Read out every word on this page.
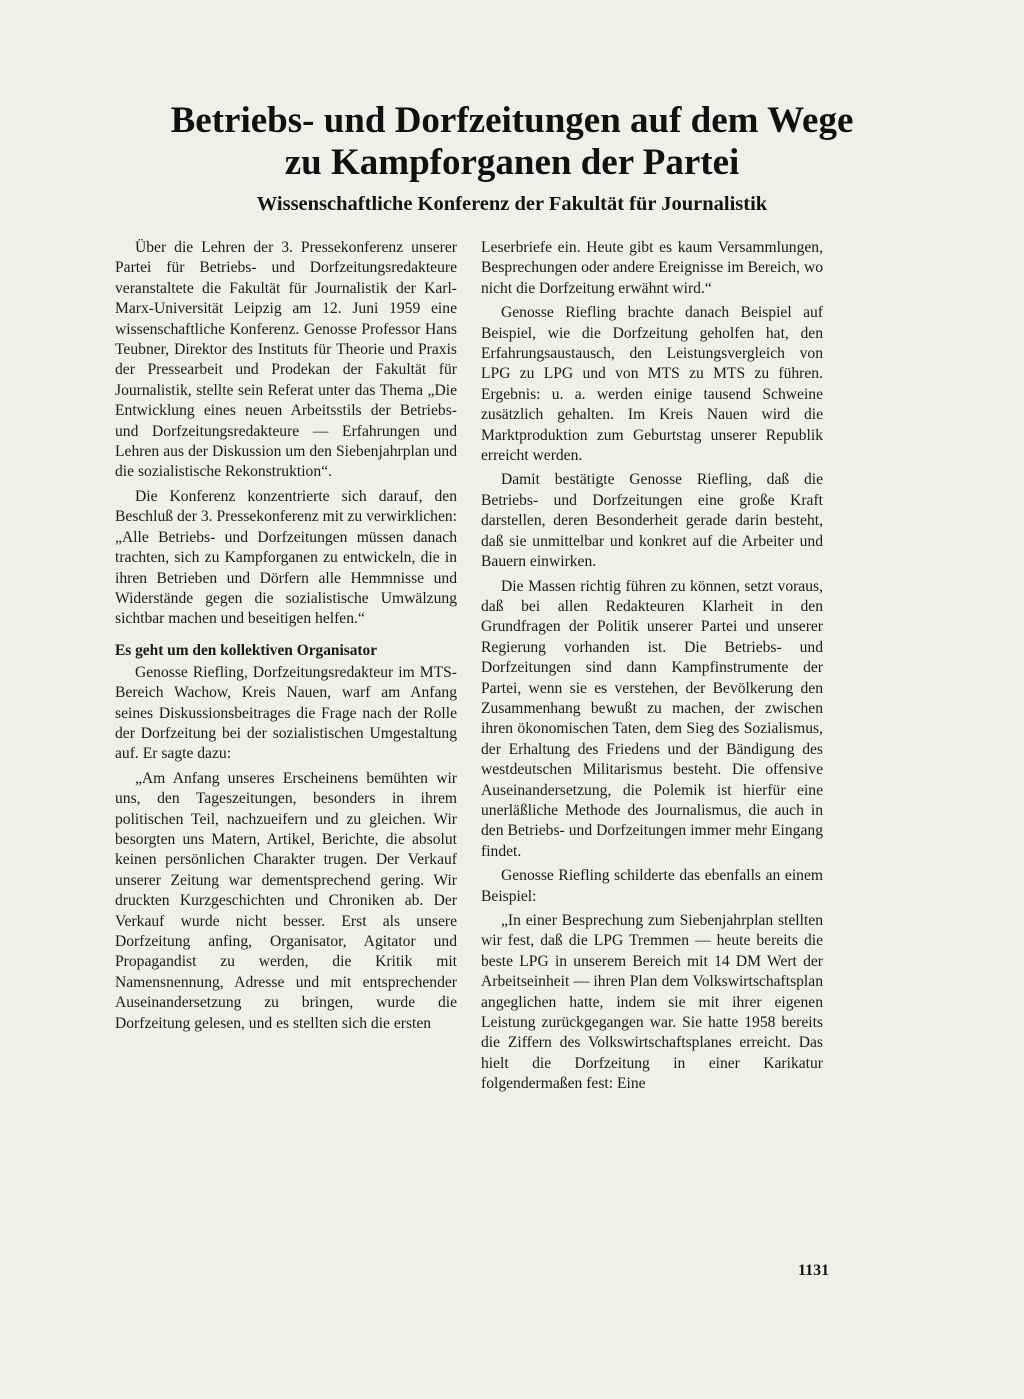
Betriebs- und Dorfzeitungen auf dem Wege
zu Kampforganen der Partei
Wissenschaftliche Konferenz der Fakultät für Journalistik

Über die Lehren der 3. Pressekonferenz unserer Partei für Betriebs- und Dorfzeitungsredakteure veranstaltete die Fakultät für Journalistik der Karl-Marx-Universität Leipzig am 12. Juni 1959 eine wissenschaftliche Konferenz. Genosse Professor Hans Teubner, Direktor des Instituts für Theorie und Praxis der Pressearbeit und Prodekan der Fakultät für Journalistik, stellte sein Referat unter das Thema „Die Entwicklung eines neuen Arbeitsstils der Betriebs- und Dorfzeitungsredakteure — Erfahrungen und Lehren aus der Diskussion um den Siebenjahrplan und die sozialistische Rekonstruktion“.

Die Konferenz konzentrierte sich darauf, den Beschluß der 3. Pressekonferenz mit zu verwirklichen: „Alle Betriebs- und Dorfzeitungen müssen danach trachten, sich zu Kampforganen zu entwickeln, die in ihren Betrieben und Dörfern alle Hemmnisse und Widerstände gegen die sozialistische Umwälzung sichtbar machen und beseitigen helfen.“

Es geht um den kollektiven Organisator

Genosse Riefling, Dorfzeitungsredakteur im MTS-Bereich Wachow, Kreis Nauen, warf am Anfang seines Diskussionsbeitrages die Frage nach der Rolle der Dorfzeitung bei der sozialistischen Umgestaltung auf. Er sagte dazu:

„Am Anfang unseres Erscheinens bemühten wir uns, den Tageszeitungen, besonders in ihrem politischen Teil, nachzueifern und zu gleichen. Wir besorgten uns Matern, Artikel, Berichte, die absolut keinen persönlichen Charakter trugen. Der Verkauf unserer Zeitung war dementsprechend gering. Wir druckten Kurzgeschichten und Chroniken ab. Der Verkauf wurde nicht besser. Erst als unsere Dorfzeitung anfing, Organisator, Agitator und Propagandist zu werden, die Kritik mit Namensnennung, Adresse und mit entsprechender Auseinandersetzung zu bringen, wurde die Dorfzeitung gelesen, und es stellten sich die ersten

Leserbriefe ein. Heute gibt es kaum Versammlungen, Besprechungen oder andere Ereignisse im Bereich, wo nicht die Dorfzeitung erwähnt wird.“

Genosse Riefling brachte danach Beispiel auf Beispiel, wie die Dorfzeitung geholfen hat, den Erfahrungsaustausch, den Leistungsvergleich von LPG zu LPG und von MTS zu MTS zu führen. Ergebnis: u. a. werden einige tausend Schweine zusätzlich gehalten. Im Kreis Nauen wird die Marktproduktion zum Geburtstag unserer Republik erreicht werden.

Damit bestätigte Genosse Riefling, daß die Betriebs- und Dorfzeitungen eine große Kraft darstellen, deren Besonderheit gerade darin besteht, daß sie unmittelbar und konkret auf die Arbeiter und Bauern einwirken.

Die Massen richtig führen zu können, setzt voraus, daß bei allen Redakteuren Klarheit in den Grundfragen der Politik unserer Partei und unserer Regierung vorhanden ist. Die Betriebs- und Dorfzeitungen sind dann Kampfinstrumente der Partei, wenn sie es verstehen, der Bevölkerung den Zusammenhang bewußt zu machen, der zwischen ihren ökonomischen Taten, dem Sieg des Sozialismus, der Erhaltung des Friedens und der Bändigung des westdeutschen Militarismus besteht. Die offensive Auseinandersetzung, die Polemik ist hierfür eine unerläßliche Methode des Journalismus, die auch in den Betriebs- und Dorfzeitungen immer mehr Eingang findet.

Genosse Riefling schilderte das ebenfalls an einem Beispiel:

„In einer Besprechung zum Siebenjahrplan stellten wir fest, daß die LPG Tremmen — heute bereits die beste LPG in unserem Bereich mit 14 DM Wert der Arbeitseinheit — ihren Plan dem Volkswirtschaftsplan angeglichen hatte, indem sie mit ihrer eigenen Leistung zurückgegangen war. Sie hatte 1958 bereits die Ziffern des Volkswirtschaftsplanes erreicht. Das hielt die Dorfzeitung in einer Karikatur folgendermaßen fest: Eine

1131
